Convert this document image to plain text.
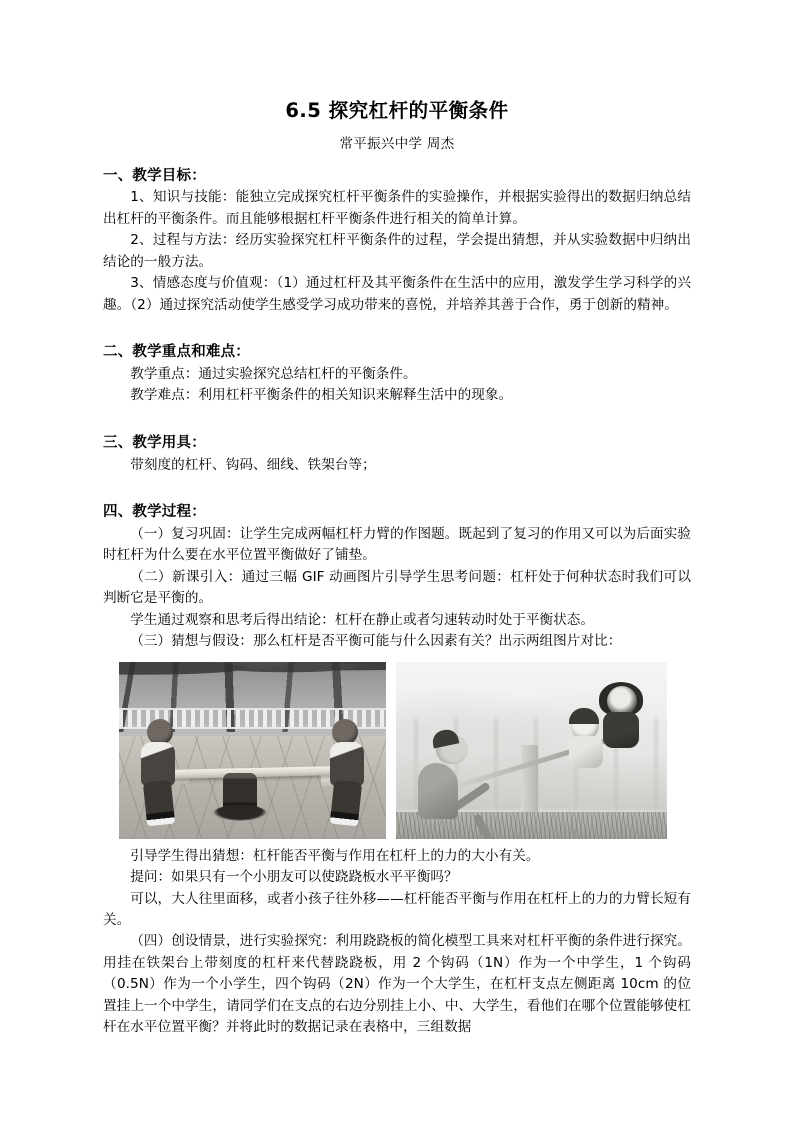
6.5 探究杠杆的平衡条件
常平振兴中学 周杰
一、教学目标：

1、知识与技能：能独立完成探究杠杆平衡条件的实验操作，并根据实验得出的数据归纳总结出杠杆的平衡条件。而且能够根据杠杆平衡条件进行相关的简单计算。

2、过程与方法：经历实验探究杠杆平衡条件的过程，学会提出猜想，并从实验数据中归纳出结论的一般方法。

3、情感态度与价值观：（1）通过杠杆及其平衡条件在生活中的应用，激发学生学习科学的兴趣。（2）通过探究活动使学生感受学习成功带来的喜悦，并培养其善于合作，勇于创新的精神。

二、教学重点和难点：

教学重点：通过实验探究总结杠杆的平衡条件。

教学难点：利用杠杆平衡条件的相关知识来解释生活中的现象。

三、教学用具：

带刻度的杠杆、钩码、细线、铁架台等；

四、教学过程：

（一）复习巩固：让学生完成两幅杠杆力臂的作图题。既起到了复习的作用又可以为后面实验时杠杆为什么要在水平位置平衡做好了铺垫。

（二）新课引入：通过三幅 GIF 动画图片引导学生思考问题：杠杆处于何种状态时我们可以判断它是平衡的。

学生通过观察和思考后得出结论：杠杆在静止或者匀速转动时处于平衡状态。

（三）猜想与假设：那么杠杆是否平衡可能与什么因素有关？出示两组图片对比：

引导学生得出猜想：杠杆能否平衡与作用在杠杆上的力的大小有关。

提问：如果只有一个小朋友可以使跷跷板水平平衡吗？

可以，大人往里面移，或者小孩子往外移——杠杆能否平衡与作用在杠杆上的力的力臂长短有关。

（四）创设情景，进行实验探究：利用跷跷板的简化模型工具来对杠杆平衡的条件进行探究。用挂在铁架台上带刻度的杠杆来代替跷跷板，用 2 个钩码（1N）作为一个中学生，1 个钩码（0.5N）作为一个小学生，四个钩码（2N）作为一个大学生，在杠杆支点左侧距离 10cm 的位置挂上一个中学生，请同学们在支点的右边分别挂上小、中、大学生，看他们在哪个位置能够使杠杆在水平位置平衡？并将此时的数据记录在表格中，三组数据
